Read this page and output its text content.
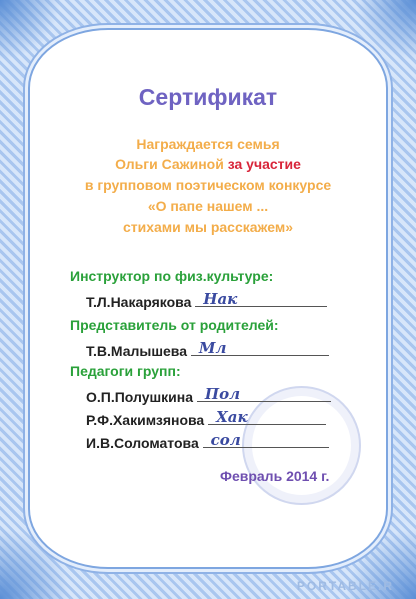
Сертификат
Награждается семья
Ольги Сажиной за участие
в групповом поэтическом конкурсе
«О папе нашем ...
стихами мы расскажем»
Инструктор по физ.культуре:
Т.Л.Накарякова Нак
Представитель от родителей:
Т.В.Малышева Мл
Педагоги групп:
О.П.Полушкина Пол
Р.Ф.Хакимзянова Хак
И.В.Соломатова сол
Февраль 2014 г.
PORTABLE.R
